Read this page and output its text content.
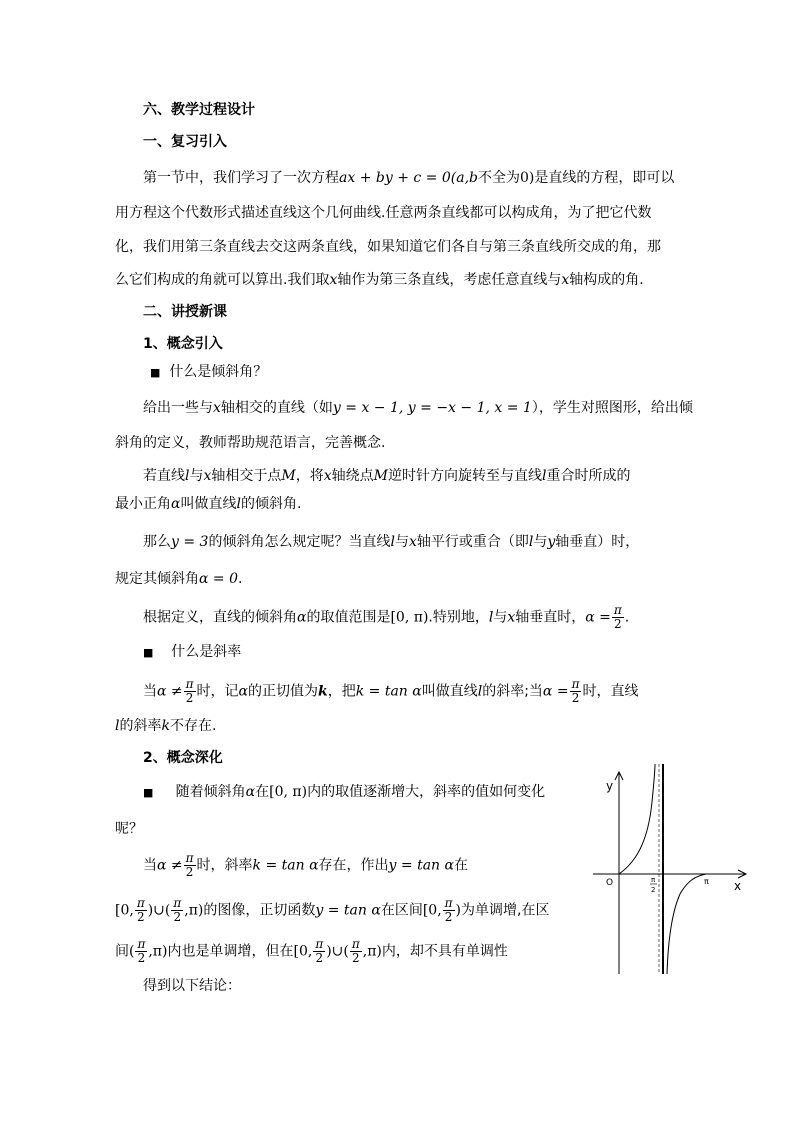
六、教学过程设计
一、复习引入
第一节中，我们学习了一次方程ax + by + c = 0(a,b不全为0)是直线的方程，即可以
用方程这个代数形式描述直线这个几何曲线.任意两条直线都可以构成角，为了把它代数
化，我们用第三条直线去交这两条直线，如果知道它们各自与第三条直线所交成的角，那
么它们构成的角就可以算出.我们取x轴作为第三条直线，考虑任意直线与x轴构成的角.
二、讲授新课
1、概念引入
■ 什么是倾斜角？
给出一些与x轴相交的直线（如y = x − 1, y = −x − 1, x = 1），学生对照图形，给出倾
斜角的定义，教师帮助规范语言，完善概念.
若直线l与x轴相交于点M，将x轴绕点M逆时针方向旋转至与直线l重合时所成的
最小正角α叫做直线l的倾斜角.
那么y = 3的倾斜角怎么规定呢？当直线l与x轴平行或重合（即l与y轴垂直）时，
规定其倾斜角α = 0.
根据定义，直线的倾斜角α的取值范围是[0, π).特别地，l与x轴垂直时，$\alpha = \frac{\pi}{2}$ .
■ 什么是斜率
当$\alpha \ne \frac{\pi}{2}$ 时，记α的正切值为k，把k = tan α叫做直线l的斜率;当$\alpha = \frac{\pi}{2}$ 时，直线
l的斜率k不存在.
2、概念深化
■ 随着倾斜角α在[0, π)内的取值逐渐增大，斜率的值如何变化
呢？
当$\alpha \ne \frac{\pi}{2}$ 时，斜率k = tan α存在，作出y = tan α在
[0, $\frac{\pi}{2}$ )∪( $\frac{\pi}{2} ,\pi$)的图像，正切函数y = tan α在区间[0, $\frac{\pi}{2}$ )为单调增,在区
间( $\frac{\pi}{2} ,\pi$)内也是单调增，但在[0, $\frac{\pi}{2}$ )∪( $\frac{\pi}{2} ,\pi$)内，却不具有单调性
得到以下结论：
y
x
O	π
2
π
